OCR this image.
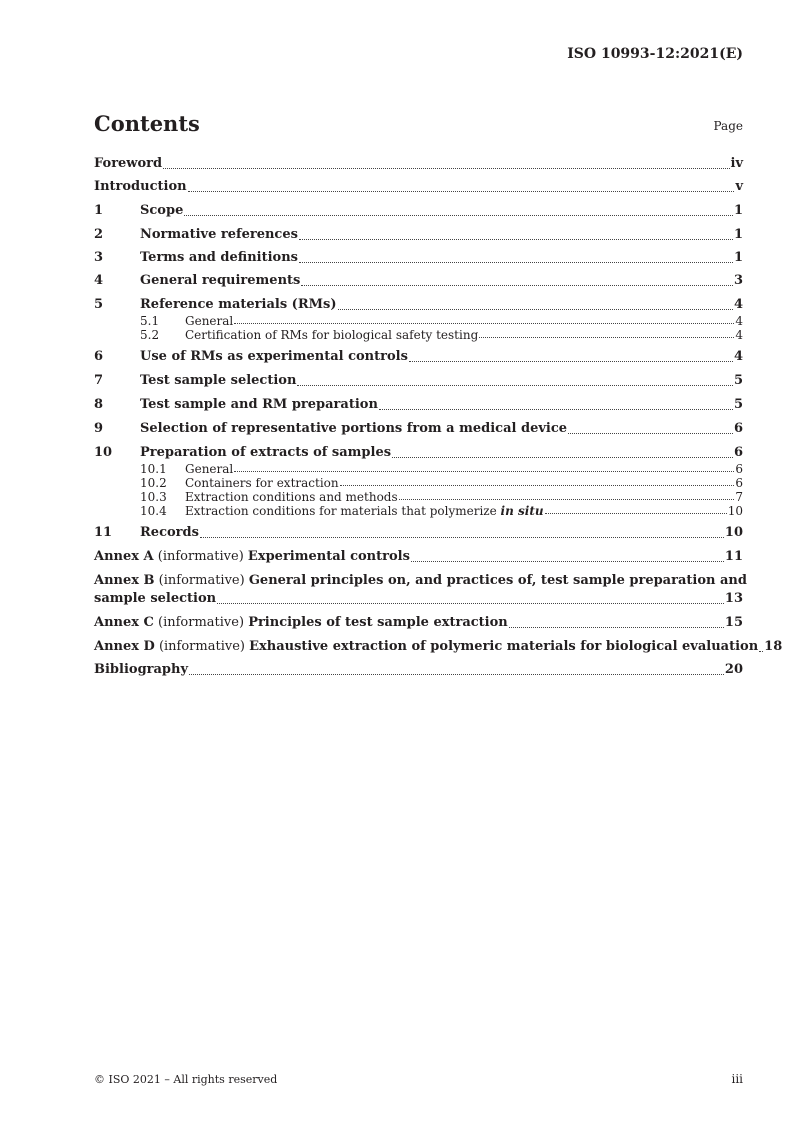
ISO 10993-12:2021(E)
Contents	Page
Foreword	iv
Introduction	v
1	Scope	1
2	Normative references	1
3	Terms and definitions	1
4	General requirements	3
5	Reference materials (RMs)	4
5.1	General	4
5.2	Certification of RMs for biological safety testing	4
6	Use of RMs as experimental controls	4
7	Test sample selection	5
8	Test sample and RM preparation	5
9	Selection of representative portions from a medical device	6
10	Preparation of extracts of samples	6
10.1	General	6
10.2	Containers for extraction	6
10.3	Extraction conditions and methods	7
10.4	Extraction conditions for materials that polymerize in situ	10
11	Records	10
Annex A (informative) Experimental controls	11
Annex B (informative) General principles on, and practices of, test sample preparation and
sample selection	13
Annex C (informative) Principles of test sample extraction	15
Annex D (informative) Exhaustive extraction of polymeric materials for biological evaluation 18
Bibliography	20
© ISO 2021 – All rights reserved	iii
